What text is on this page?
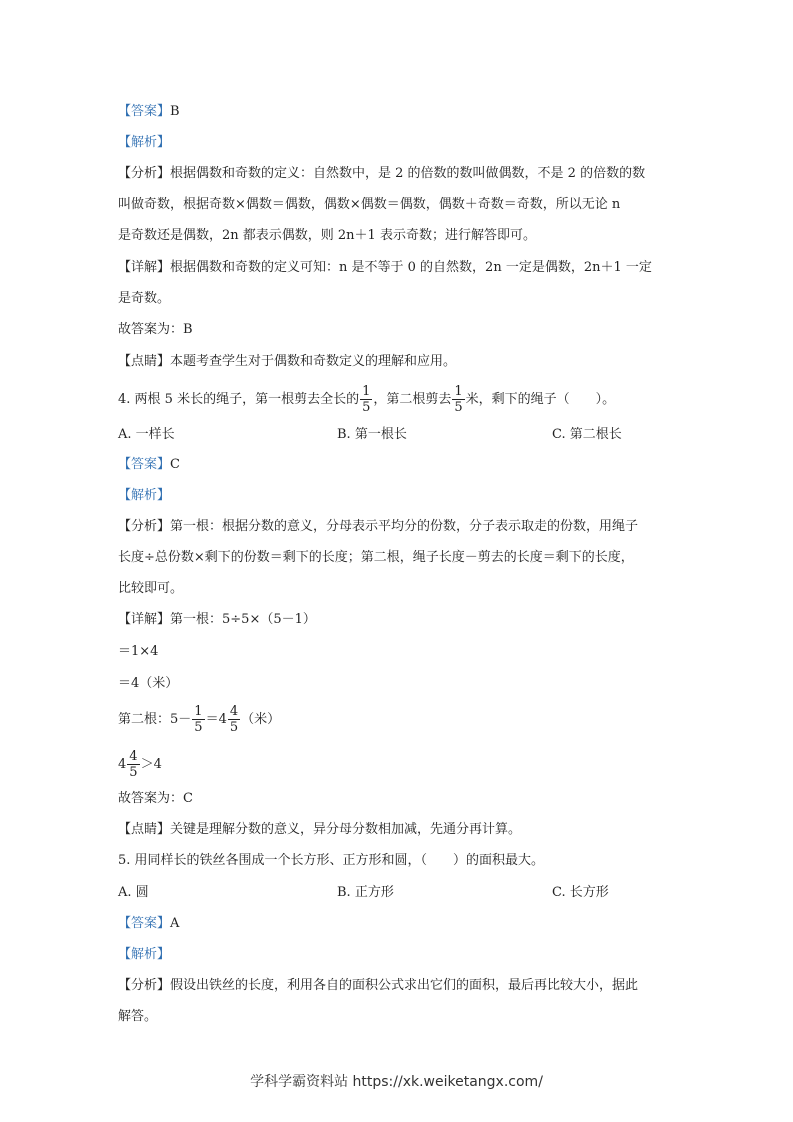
【答案】B
【解析】
【分析】根据偶数和奇数的定义：自然数中，是 2 的倍数的数叫做偶数，不是 2 的倍数的数
叫做奇数，根据奇数×偶数＝偶数，偶数×偶数＝偶数，偶数＋奇数＝奇数，所以无论 n
是奇数还是偶数，2n 都表示偶数，则 2n＋1 表示奇数；进行解答即可。
【详解】根据偶数和奇数的定义可知：n 是不等于 0 的自然数，2n 一定是偶数，2n＋1 一定
是奇数。
故答案为：B
【点睛】本题考查学生对于偶数和奇数定义的理解和应用。
4. 两根 5 米长的绳子，第一根剪去全长的 $\frac{1}{5}$ ，第二根剪去 $\frac{1}{5}$ 米，剩下的绳子（　　）。
A. 一样长	B. 第一根长	C. 第二根长
【答案】C
【解析】
【分析】第一根：根据分数的意义，分母表示平均分的份数，分子表示取走的份数，用绳子
长度÷总份数×剩下的份数＝剩下的长度；第二根，绳子长度－剪去的长度＝剩下的长度，
比较即可。
【详解】第一根：5÷5×（5－1）
＝1×4
＝4（米）
第二根：$5- \frac{1}{5} =4 \frac{4}{5}$ （米）
$4 \frac{4}{5} >4$
故答案为：C
【点睛】关键是理解分数的意义，异分母分数相加减，先通分再计算。
5. 用同样长的铁丝各围成一个长方形、正方形和圆，（　　）的面积最大。
A. 圆	B. 正方形	C. 长方形
【答案】A
【解析】
【分析】假设出铁丝的长度，利用各自的面积公式求出它们的面积，最后再比较大小，据此
解答。
学科学霸资料站 https://xk.weiketangx.com/
